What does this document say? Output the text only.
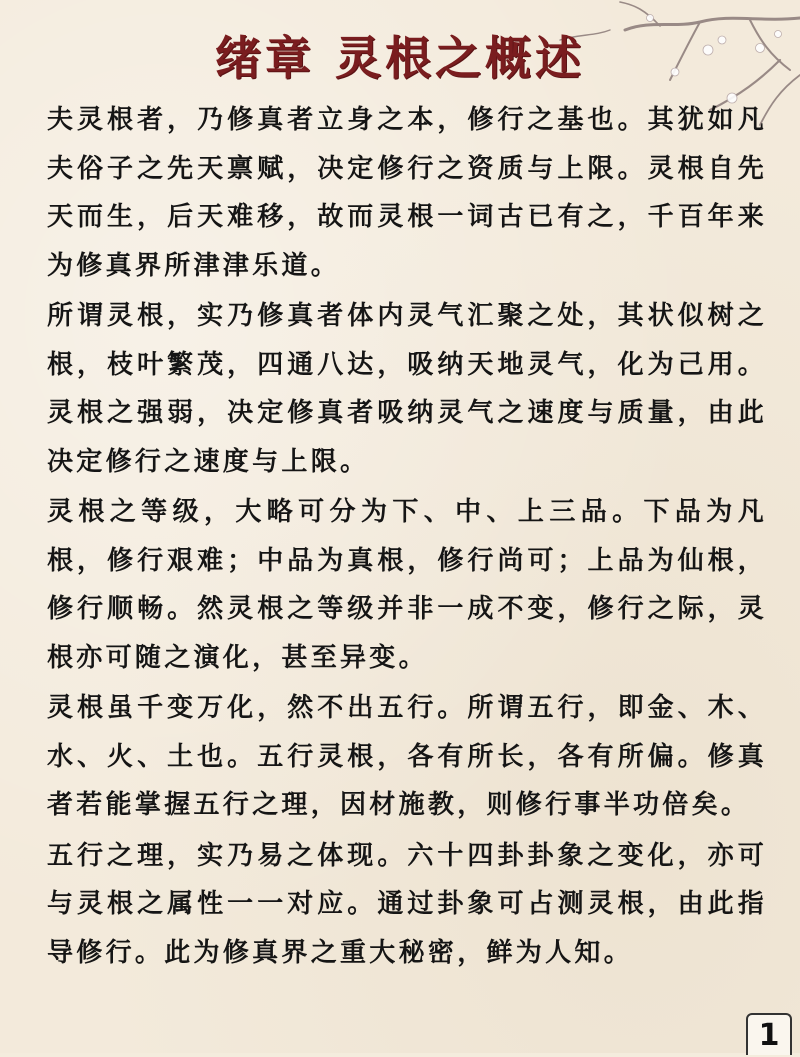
绪章 灵根之概述

夫灵根者，乃修真者立身之本，修行之基也。其犹如凡夫俗子之先天禀赋，决定修行之资质与上限。灵根自先天而生，后天难移，故而灵根一词古已有之，千百年来为修真界所津津乐道。

所谓灵根，实乃修真者体内灵气汇聚之处，其状似树之根，枝叶繁茂，四通八达，吸纳天地灵气，化为己用。灵根之强弱，决定修真者吸纳灵气之速度与质量，由此决定修行之速度与上限。

灵根之等级，大略可分为下、中、上三品。下品为凡根，修行艰难；中品为真根，修行尚可；上品为仙根，修行顺畅。然灵根之等级并非一成不变，修行之际，灵根亦可随之演化，甚至异变。

灵根虽千变万化，然不出五行。所谓五行，即金、木、水、火、土也。五行灵根，各有所长，各有所偏。修真者若能掌握五行之理，因材施教，则修行事半功倍矣。

五行之理，实乃易之体现。六十四卦卦象之变化，亦可与灵根之属性一一对应。通过卦象可占测灵根，由此指导修行。此为修真界之重大秘密，鲜为人知。

1
